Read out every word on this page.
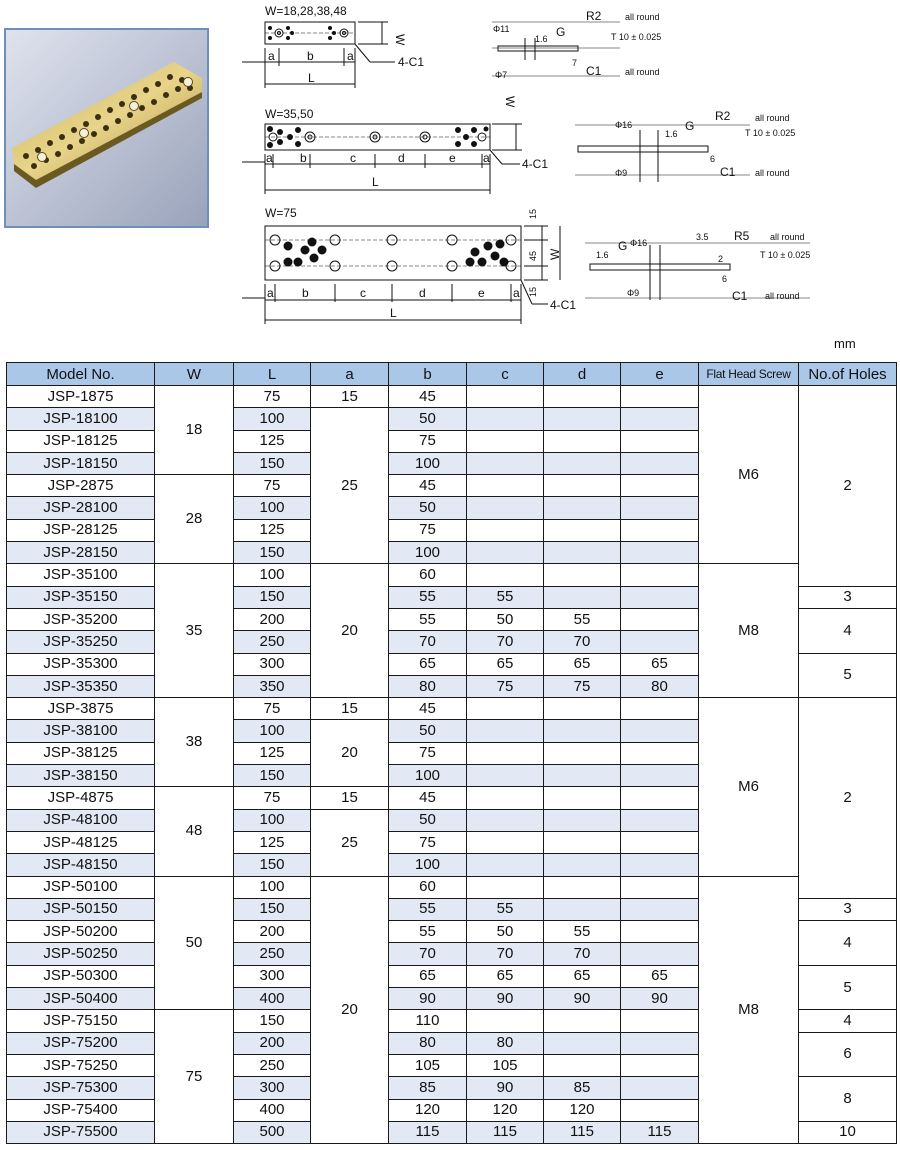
W=18,28,38,48
a	b	a
L
W
4-C1
Φ11
Φ7
1.6 G
R2	all round
T 10 ± 0.025
C1	all round
7
W=35,50
a b	c	d	e a
L
W
4-C1
Φ16
Φ9
1.6
G
R2	all round
T 10 ± 0.025
C1 all round
6
W=75
a b	c	d	e a
L
15
45
15
W
4-C1
Φ16
Φ9
1.6
G
3.5 R5 all round
T 10 ± 0.025
2
6
C1 all round
mm
Model No.	W	L	a	b	c	d	e	Flat Head Screw	No.of Holes
JSP-1875	18	75	15	45				M6	2
JSP-18100		100	25	50					
JSP-18125		125		75					
JSP-18150		150		100					
JSP-2875	28	75		45					
JSP-28100		100		50					
JSP-28125		125		75					
JSP-28150		150		100					
JSP-35100	35	100	20	60				M8	
JSP-35150		150		55	55				3
JSP-35200		200		55	50	55			4
JSP-35250		250		70	70	70			
JSP-35300		300		65	65	65	65		5
JSP-35350		350		80	75	75	80		
JSP-3875	38	75	15	45				M6	2
JSP-38100		100	20	50					
JSP-38125		125		75					
JSP-38150		150		100					
JSP-4875	48	75	15	45					
JSP-48100		100	25	50					
JSP-48125		125		75					
JSP-48150		150		100					
JSP-50100	50	100	20	60				M8	
JSP-50150		150		55	55				3
JSP-50200		200		55	50	55			4
JSP-50250		250		70	70	70			
JSP-50300		300		65	65	65	65		5
JSP-50400		400		90	90	90	90		
JSP-75150	75	150		110					4
JSP-75200		200		80	80				6
JSP-75250		250		105	105				
JSP-75300		300		85	90	85			8
JSP-75400		400		120	120	120			
JSP-75500		500		115	115	115	115		10
